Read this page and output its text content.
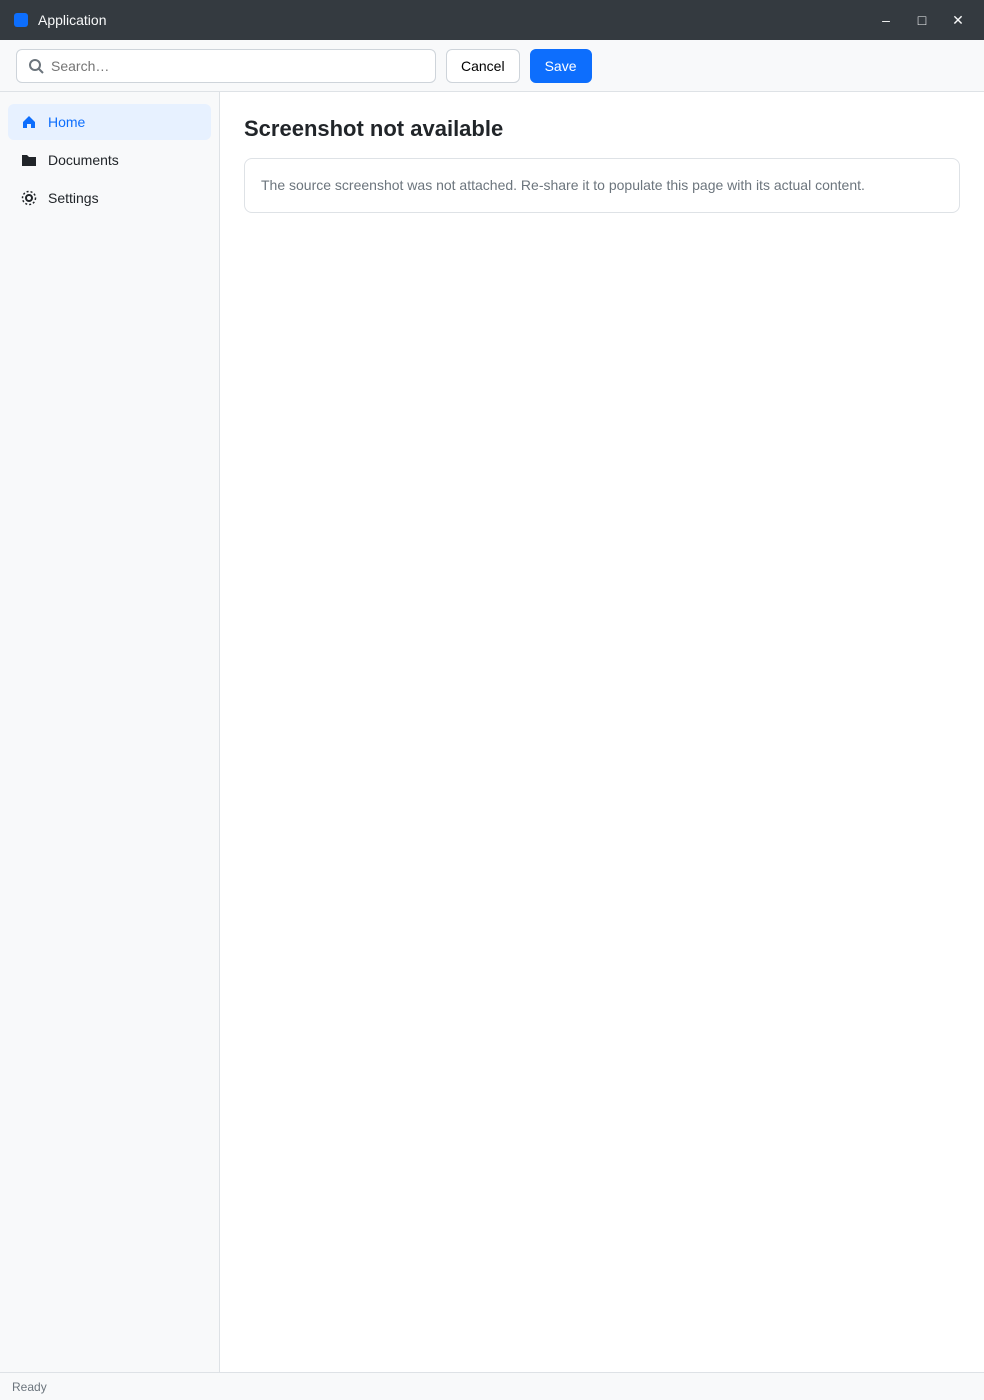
Application	–	□	✕
Search…
Cancel	Save
Home
Documents
Settings
Screenshot not available

The source screenshot was not attached. Re-share it to populate this page with its actual content.

Ready
